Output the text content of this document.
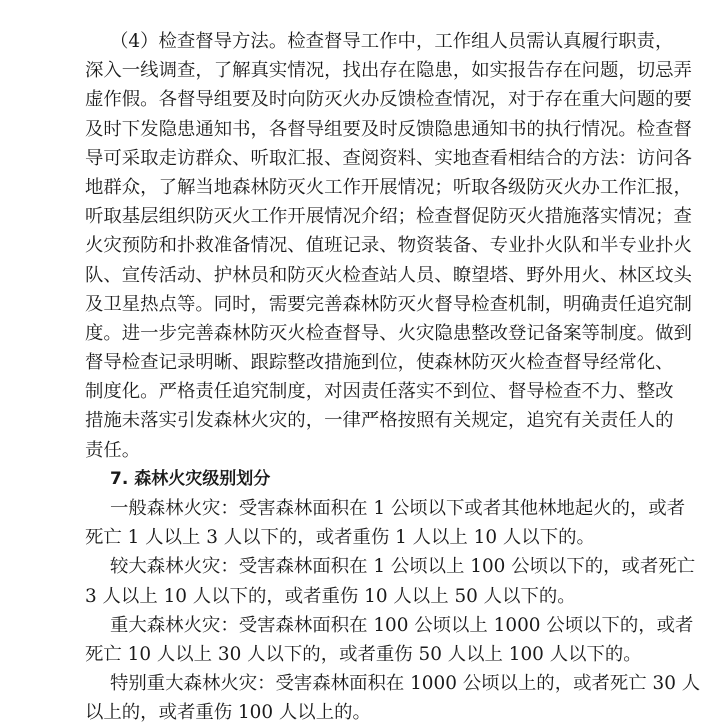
（4）检查督导方法。检查督导工作中，工作组人员需认真履行职责，
深入一线调查，了解真实情况，找出存在隐患，如实报告存在问题，切忌弄
虚作假。各督导组要及时向防灭火办反馈检查情况，对于存在重大问题的要
及时下发隐患通知书，各督导组要及时反馈隐患通知书的执行情况。检查督
导可采取走访群众、听取汇报、查阅资料、实地查看相结合的方法：访问各
地群众，了解当地森林防灭火工作开展情况；听取各级防灭火办工作汇报，
听取基层组织防灭火工作开展情况介绍；检查督促防灭火措施落实情况；查
火灾预防和扑救准备情况、值班记录、物资装备、专业扑火队和半专业扑火
队、宣传活动、护林员和防灭火检查站人员、瞭望塔、野外用火、林区坟头
及卫星热点等。同时，需要完善森林防灭火督导检查机制，明确责任追究制
度。进一步完善森林防灭火检查督导、火灾隐患整改登记备案等制度。做到
督导检查记录明晰、跟踪整改措施到位，使森林防灭火检查督导经常化、
制度化。严格责任追究制度，对因责任落实不到位、督导检查不力、整改
措施未落实引发森林火灾的，一律严格按照有关规定，追究有关责任人的
责任。
7. 森林火灾级别划分
一般森林火灾：受害森林面积在 1 公顷以下或者其他林地起火的，或者
死亡 1 人以上 3 人以下的，或者重伤 1 人以上 10 人以下的。
较大森林火灾：受害森林面积在 1 公顷以上 100 公顷以下的，或者死亡
3 人以上 10 人以下的，或者重伤 10 人以上 50 人以下的。
重大森林火灾：受害森林面积在 100 公顷以上 1000 公顷以下的，或者
死亡 10 人以上 30 人以下的，或者重伤 50 人以上 100 人以下的。
特别重大森林火灾：受害森林面积在 1000 公顷以上的，或者死亡 30 人
以上的，或者重伤 100 人以上的。
